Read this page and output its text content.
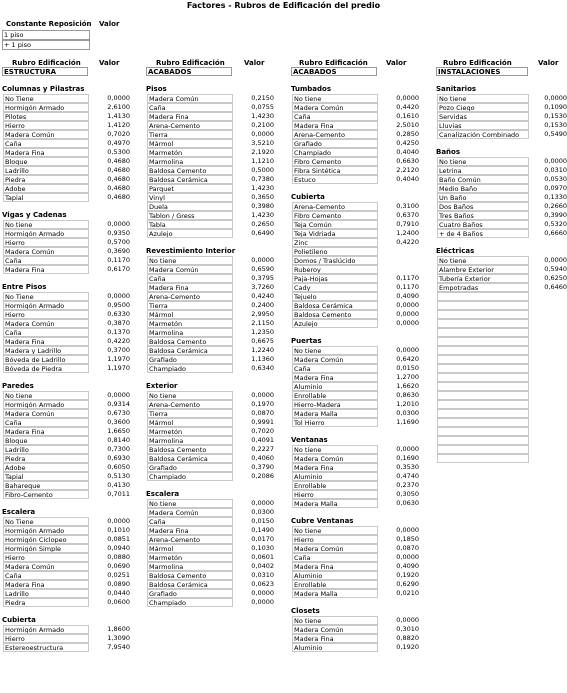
Factores - Rubros de Edificación del predio
Constante Reposición Valor
1 piso
+ 1 piso
Rubro Edificación	Valor
ESTRUCTURA
Rubro Edificación	Valor
ACABADOS
Rubro Edificación	Valor
ACABADOS
Rubro Edificación	Valor
INSTALACIONES
Columnas y Pilastras
No Tiene	0,0000
Hormigón Armado	2,6100
Pilotes	1,4130
Hierro	1,4120
Madera Común	0,7020
Caña	0,4970
Madera Fina	0,5300
Bloque	0,4680
Ladrillo	0,4680
Piedra	0,4680
Adobe	0,4680
Tapial	0,4680
Vigas y Cadenas
No tiene	0,0000
Hormigón Armado	0,9350
Hierro	0,5700
Madera Común	0,3690
Caña	0,1170
Madera Fina	0,6170
Entre Pisos
No Tiene	0,0000
Hormigón Armado	0,9500
Hierro	0,6330
Madera Común	0,3870
Caña	0,1370
Madera Fina	0,4220
Madera y Ladrillo	0,3700
Bóveda de Ladrillo	1,1970
Bóveda de Piedra	1,1970
Paredes
No tiene	0,0000
Hormigón Armado	0,9314
Madera Común	0,6730
Caña	0,3600
Madera Fina	1,6650
Bloque	0,8140
Ladrillo	0,7300
Piedra	0,6930
Adobe	0,6050
Tapial	0,5130
Bahareque	0,4130
Fibro-Cemento	0,7011
Escalera
No Tiene	0,0000
Hormigón Armado	0,1010
Hormigón Ciclopeo	0,0851
Hormigón Simple	0,0940
Hierro	0,0880
Madera Común	0,0690
Caña	0,0251
Madera Fina	0,0890
Ladrillo	0,0440
Piedra	0,0600
Cubierta
Hormigón Armado	1,8600
Hierro	1,3090
Estereoestructura	7,9540
Pisos
Madera Común	0,2150
Caña	0,0755
Madera Fina	1,4230
Arena-Cemento	0,2100
Tierra	0,0000
Mármol	3,5210
Marmetón	2,1920
Marmolina	1,1210
Baldosa Cemento	0,5000
Baldosa Cerámica	0,7380
Parquet	1,4230
Vinyl	0,3650
Duela	0,3980
Tablon / Gress	1,4230
Tabla	0,2650
Azulejo	0,6490
Revestimiento Interior
No tiene	0,0000
Madera Común	0,6590
Caña	0,3795
Madera Fina	3,7260
Arena-Cemento	0,4240
Tierra	0,2400
Mármol	2,9950
Marmetón	2,1150
Marmolina	1,2350
Baldosa Cemento	0,6675
Baldosa Cerámica	1,2240
Grafiado	1,1360
Champiado	0,6340
Exterior
No tiene	0,0000
Arena-Cemento	0,1970
Tierra	0,0870
Mármol	0,9991
Marmetón	0,7020
Marmolina	0,4091
Baldosa Cemento	0,2227
Baldosa Cerámica	0,4060
Grafiado	0,3790
Champiado	0,2086
Escalera
No tiene	0,0000
Madera Común	0,0300
Caña	0,0150
Madera Fina	0,1490
Arena-Cemento	0,0170
Mármol	0,1030
Marmetón	0,0601
Marmolina	0,0402
Baldosa Cemento	0,0310
Baldosa Cerámica	0,0623
Grafiado	0,0000
Champiado	0,0000
Tumbados
No tiene	0,0000
Madera Común	0,4420
Caña	0,1610
Madera Fina	2,5010
Arena-Cemento	0,2850
Grafiado	0,4250
Champiado	0,4040
Fibro Cemento	0,6630
Fibra Sintética	2,2120
Estuco	0,4040
Cubierta
Arena-Cemento	0,3100
Fibro Cemento	0,6370
Teja Común	0,7910
Teja Vidriada	1,2400
Zinc	0,4220
Polietileno
Domos / Traslúcido
Ruberoy
Paja-Hojas	0,1170
Cady	0,1170
Tejuelo	0,4090
Baldosa Cerámica	0,0000
Baldosa Cemento	0,0000
Azulejo	0,0000
Puertas
No tiene	0,0000
Madera Común	0,6420
Caña	0,0150
Madera Fina	1,2700
Aluminio	1,6620
Enrollable	0,8630
Hierro-Madera	1,2010
Madera Malla	0,0300
Tol Hierro	1,1690
Ventanas
No tiene	0,0000
Madera Común	0,1690
Madera Fina	0,3530
Aluminio	0,4740
Enrollable	0,2370
Hierro	0,3050
Madera Malla	0,0630
Cubre Ventanas
No tiene	0,0000
Hierro	0,1850
Madera Común	0,0870
Caña	0,0000
Madera Fina	0,4090
Aluminio	0,1920
Enrollable	0,6290
Madera Malla	0,0210
Closets
No tiene	0,0000
Madera Común	0,3010
Madera Fina	0,8820
Aluminio	0,1920
Sanitarios
No tiene	0,0000
Pozo Ciego	0,1090
Servidas	0,1530
Lluvias	0,1530
Canalización Combinado	0,5490
Baños
No tiene	0,0000
Letrina	0,0310
Baño Común	0,0530
Medio Baño	0,0970
Un Baño	0,1330
Dos Baños	0,2660
Tres Baños	0,3990
Cuatro Baños	0,5320
+ de 4 Baños	0,6660
Eléctricas
No tiene	0,0000
Alambre Exterior	0,5940
Tubería Exterior	0,6250
Empotradas	0,6460
